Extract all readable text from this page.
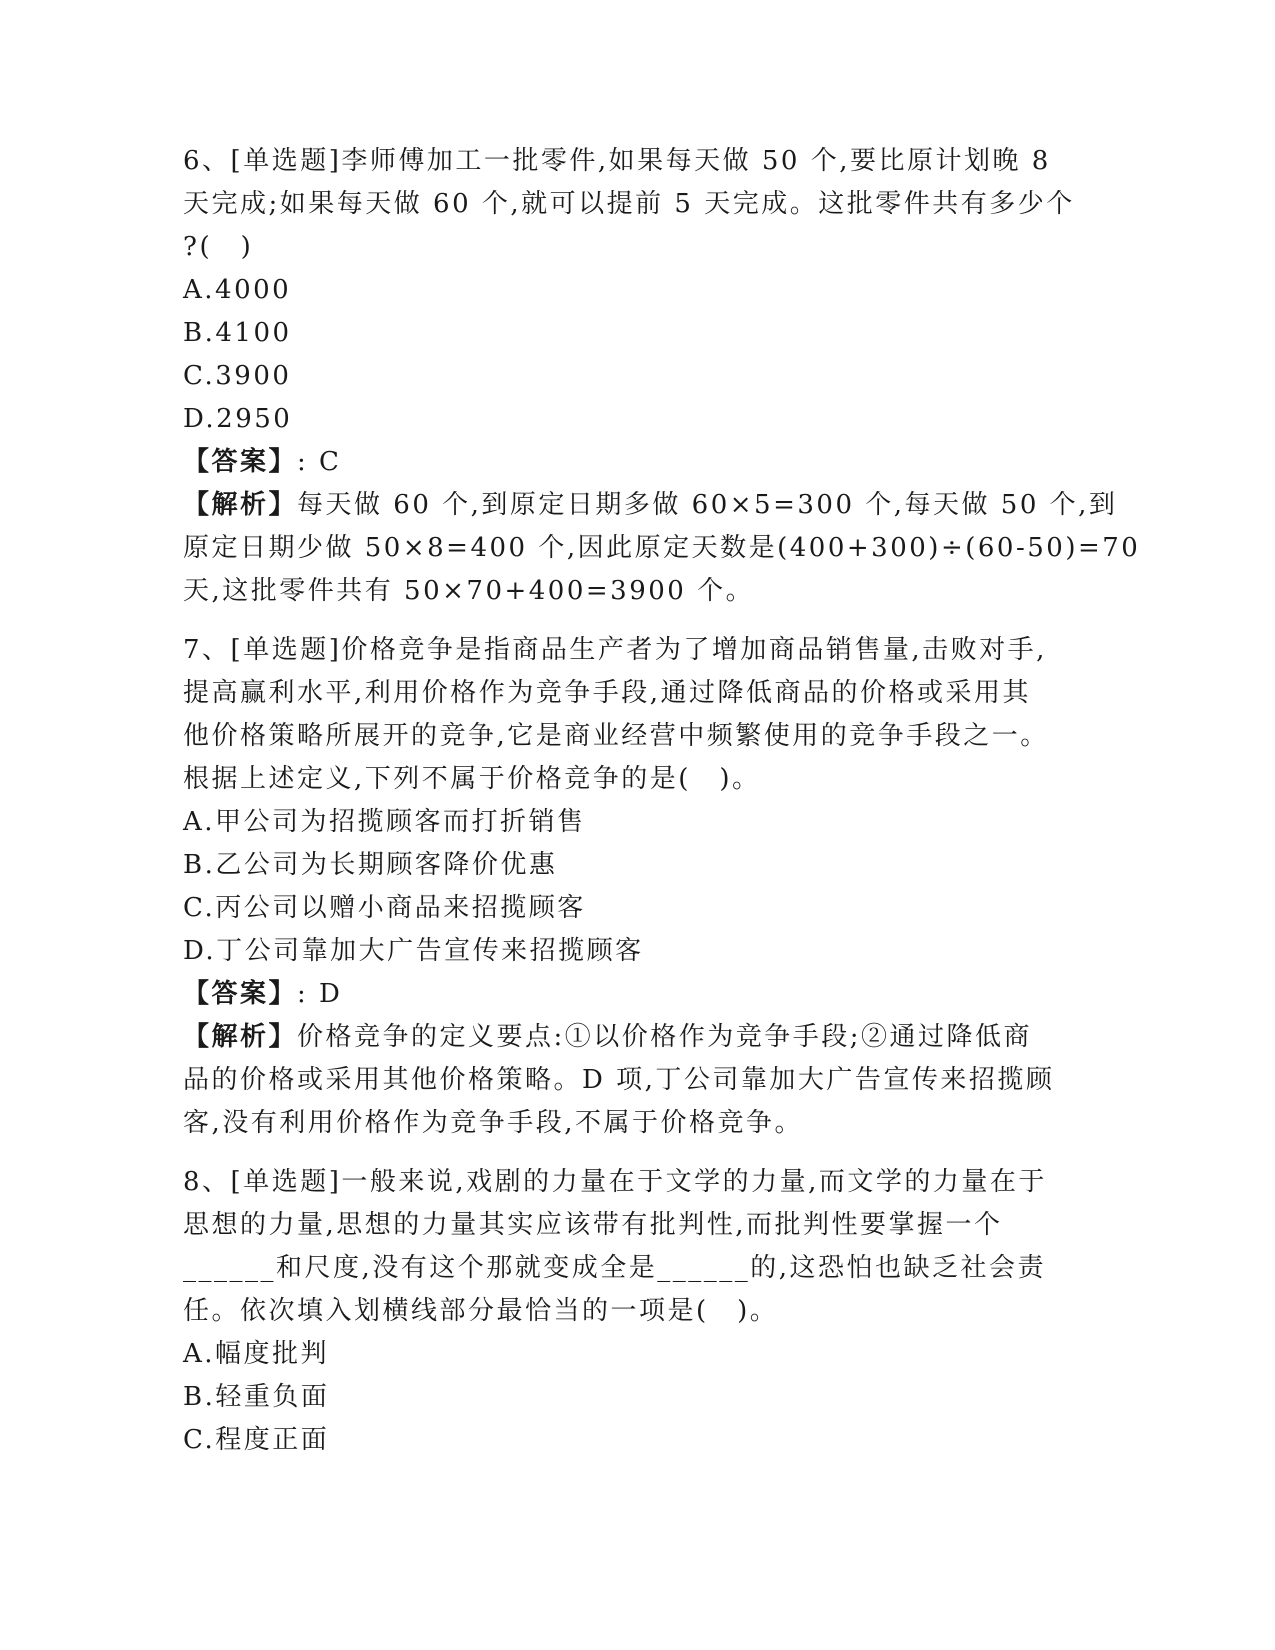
6、[单选题]李师傅加工一批零件,如果每天做 50 个,要比原计划晚 8

天完成;如果每天做 60 个,就可以提前 5 天完成。这批零件共有多少个

?(　)

A.4000

B.4100

C.3900

D.2950

【答案】: C

【解析】每天做 60 个,到原定日期多做 60×5=300 个,每天做 50 个,到

原定日期少做 50×8=400 个,因此原定天数是(400+300)÷(60-50)=70

天,这批零件共有 50×70+400=3900 个。

7、[单选题]价格竞争是指商品生产者为了增加商品销售量,击败对手,

提高赢利水平,利用价格作为竞争手段,通过降低商品的价格或采用其

他价格策略所展开的竞争,它是商业经营中频繁使用的竞争手段之一。

根据上述定义,下列不属于价格竞争的是(　)。

A.甲公司为招揽顾客而打折销售

B.乙公司为长期顾客降价优惠

C.丙公司以赠小商品来招揽顾客

D.丁公司靠加大广告宣传来招揽顾客

【答案】: D

【解析】价格竞争的定义要点:①以价格作为竞争手段;②通过降低商

品的价格或采用其他价格策略。D 项,丁公司靠加大广告宣传来招揽顾

客,没有利用价格作为竞争手段,不属于价格竞争。

8、[单选题]一般来说,戏剧的力量在于文学的力量,而文学的力量在于

思想的力量,思想的力量其实应该带有批判性,而批判性要掌握一个

______和尺度,没有这个那就变成全是______的,这恐怕也缺乏社会责

任。依次填入划横线部分最恰当的一项是(　)。

A.幅度批判

B.轻重负面

C.程度正面
